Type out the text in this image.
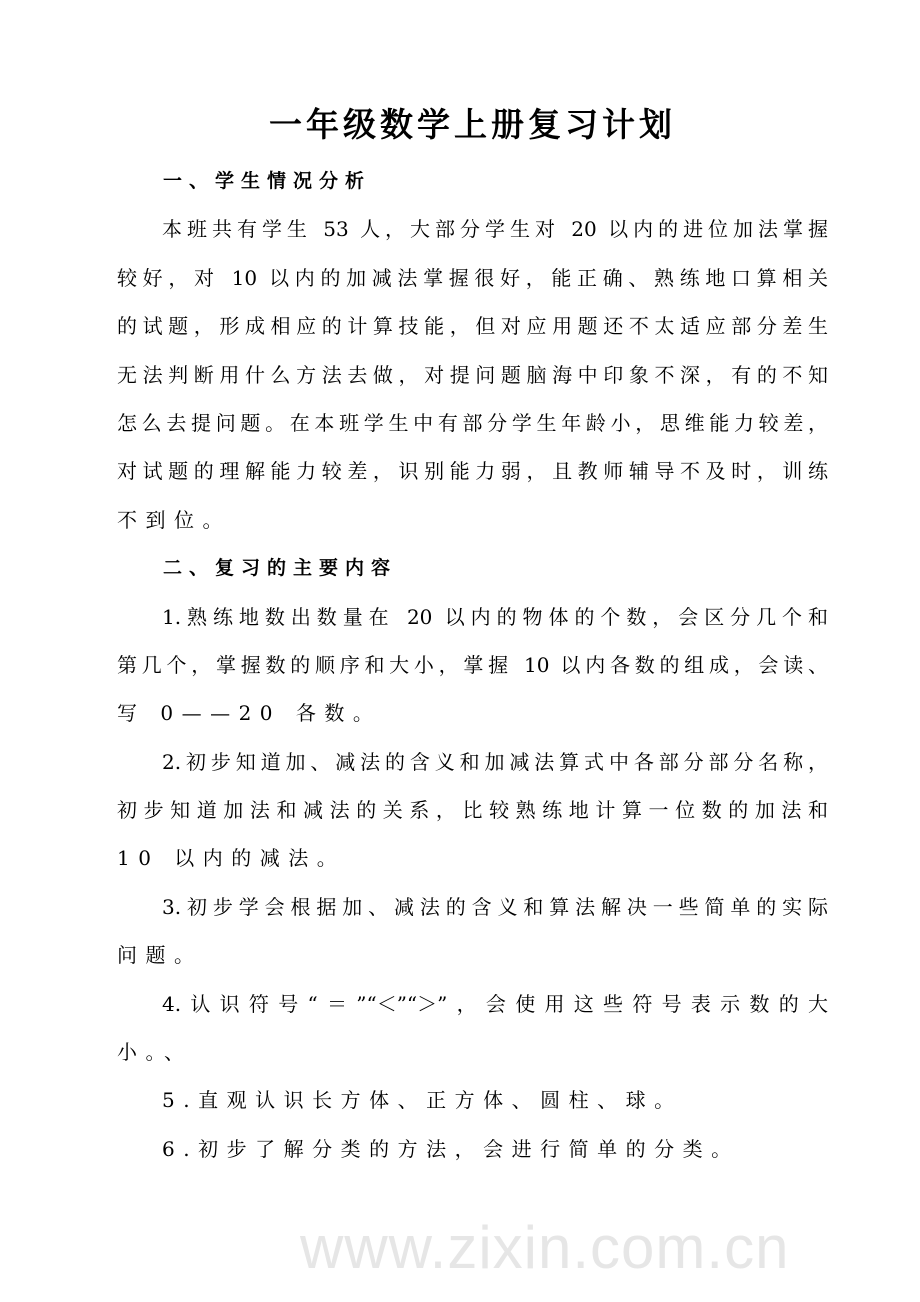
一年级数学上册复习计划
一、学生情况分析
本班共有学生 53 人，大部分学生对 20 以内的进位加法掌握
较好，对 10 以内的加减法掌握很好，能正确、熟练地口算相关
的试题，形成相应的计算技能，但对应用题还不太适应部分差生
无法判断用什么方法去做，对提问题脑海中印象不深，有的不知
怎么去提问题。在本班学生中有部分学生年龄小，思维能力较差，
对试题的理解能力较差，识别能力弱，且教师辅导不及时，训练
不到位。
二、复习的主要内容
1.熟练地数出数量在 20 以内的物体的个数，会区分几个和
第几个，掌握数的顺序和大小，掌握 10 以内各数的组成，会读、
写 0——20 各数。
2.初步知道加、减法的含义和加减法算式中各部分部分名称，
初步知道加法和减法的关系，比较熟练地计算一位数的加法和
10 以内的减法。
3.初步学会根据加、减法的含义和算法解决一些简单的实际
问题。
4.认识符号“＝”“＜”“＞”，会使用这些符号表示数的大
小。、
5.直观认识长方体、正方体、圆柱、球。
6.初步了解分类的方法，会进行简单的分类。
www.zixin.com.cn
